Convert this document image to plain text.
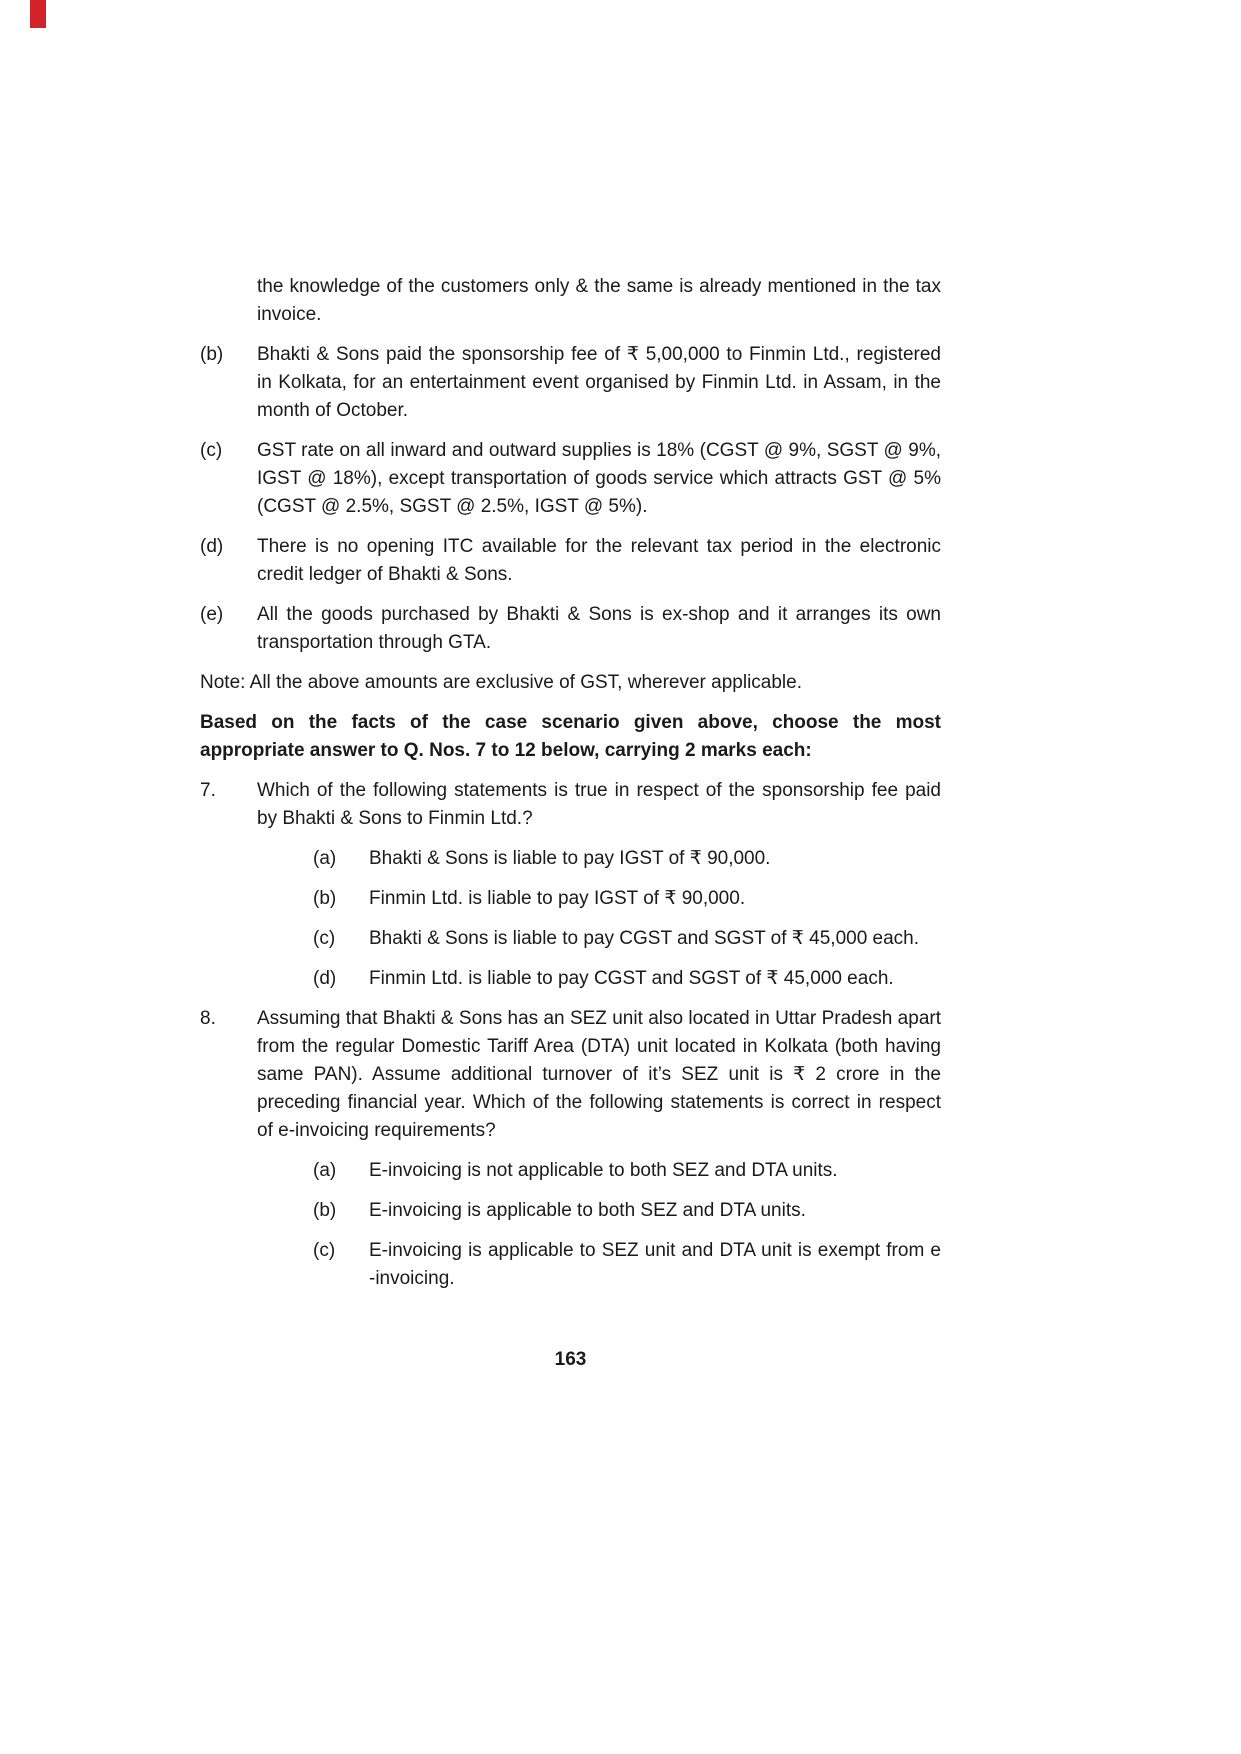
the knowledge of the customers only & the same is already mentioned in the tax invoice.

(b)	Bhakti & Sons paid the sponsorship fee of ₹ 5,00,000 to Finmin Ltd., registered in Kolkata, for an entertainment event organised by Finmin Ltd. in Assam, in the month of October.
(c)	GST rate on all inward and outward supplies is 18% (CGST @ 9%, SGST @ 9%, IGST @ 18%), except transportation of goods service which attracts GST @ 5% (CGST @ 2.5%, SGST @ 2.5%, IGST @ 5%).
(d)	There is no opening ITC available for the relevant tax period in the electronic credit ledger of Bhakti & Sons.
(e)	All the goods purchased by Bhakti & Sons is ex-shop and it arranges its own transportation through GTA.

Note: All the above amounts are exclusive of GST, wherever applicable.

Based on the facts of the case scenario given above, choose the most appropriate answer to Q. Nos. 7 to 12 below, carrying 2 marks each:

7.	Which of the following statements is true in respect of the sponsorship fee paid by Bhakti & Sons to Finmin Ltd.?
(a)	Bhakti & Sons is liable to pay IGST of ₹ 90,000.
(b)	Finmin Ltd. is liable to pay IGST of ₹ 90,000.
(c)	Bhakti & Sons is liable to pay CGST and SGST of ₹ 45,000 each.
(d)	Finmin Ltd. is liable to pay CGST and SGST of ₹ 45,000 each.
8.	Assuming that Bhakti & Sons has an SEZ unit also located in Uttar Pradesh apart from the regular Domestic Tariff Area (DTA) unit located in Kolkata (both having same PAN). Assume additional turnover of it’s SEZ unit is ₹ 2 crore in the preceding financial year. Which of the following statements is correct in respect of e-invoicing requirements?
(a)	E-invoicing is not applicable to both SEZ and DTA units.
(b)	E-invoicing is applicable to both SEZ and DTA units.
(c)	E-invoicing is applicable to SEZ unit and DTA unit is exempt from e -invoicing.
163
